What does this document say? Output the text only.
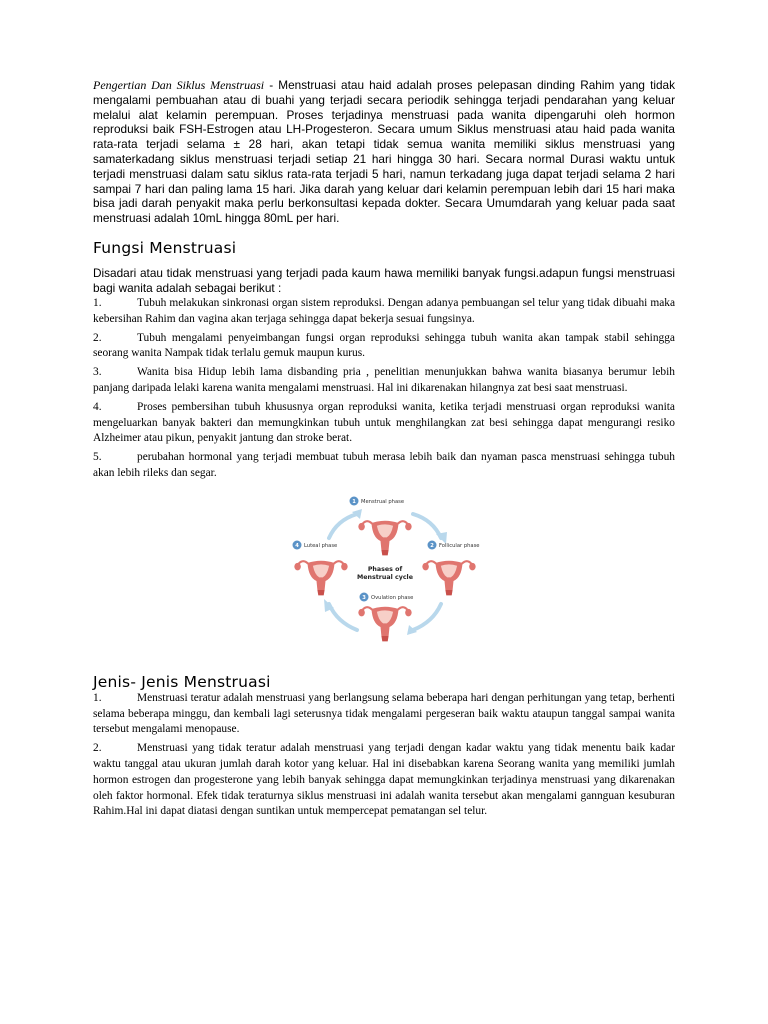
Pengertian Dan Siklus Menstruasi - Menstruasi atau haid adalah proses pelepasan dinding Rahim yang tidak mengalami pembuahan atau di buahi yang terjadi secara periodik sehingga terjadi pendarahan yang keluar melalui alat kelamin perempuan. Proses terjadinya menstruasi pada wanita dipengaruhi oleh hormon reproduksi baik FSH-Estrogen atau LH-Progesteron. Secara umum Siklus menstruasi atau haid pada wanita rata-rata terjadi selama ± 28 hari, akan tetapi tidak semua wanita memiliki siklus menstruasi yang samaterkadang siklus menstruasi terjadi setiap 21 hari hingga 30 hari. Secara normal Durasi waktu untuk terjadi menstruasi dalam satu siklus rata-rata terjadi 5 hari, namun terkadang juga dapat terjadi selama 2 hari sampai 7 hari dan paling lama 15 hari. Jika darah yang keluar dari kelamin perempuan lebih dari 15 hari maka bisa jadi darah penyakit maka perlu berkonsultasi kepada dokter. Secara Umumdarah yang keluar pada saat menstruasi adalah 10mL hingga 80mL per hari.

Fungsi Menstruasi

Disadari atau tidak menstruasi yang terjadi pada kaum hawa memiliki banyak fungsi.adapun fungsi menstruasi bagi wanita adalah sebagai berikut :

1.	Tubuh melakukan sinkronasi organ sistem reproduksi. Dengan adanya pembuangan sel telur yang tidak dibuahi maka kebersihan Rahim dan vagina akan terjaga sehingga dapat bekerja sesuai fungsinya.
2.	Tubuh mengalami penyeimbangan fungsi organ reproduksi sehingga tubuh wanita akan tampak stabil sehingga seorang wanita Nampak tidak terlalu gemuk maupun kurus.
3.	Wanita bisa Hidup lebih lama disbanding pria , penelitian menunjukkan bahwa wanita biasanya berumur lebih panjang daripada lelaki karena wanita mengalami menstruasi. Hal ini dikarenakan hilangnya zat besi saat menstruasi.
4.	Proses pembersihan tubuh khususnya organ reproduksi wanita, ketika terjadi menstruasi organ reproduksi wanita mengeluarkan banyak bakteri dan memungkinkan tubuh untuk menghilangkan zat besi sehingga dapat mengurangi resiko Alzheimer atau pikun, penyakit jantung dan stroke berat.
5.	perubahan hormonal yang terjadi membuat tubuh merasa lebih baik dan nyaman pasca menstruasi sehingga tubuh akan lebih rileks dan segar.
1
2
3
4
Menstrual phase
Follicular phase
Ovulation phase
Luteal phase
Phases of
Menstrual cycle
Jenis- Jenis Menstruasi
1.	Menstruasi teratur adalah menstruasi yang berlangsung selama beberapa hari dengan perhitungan yang tetap, berhenti selama beberapa minggu, dan kembali lagi seterusnya tidak mengalami pergeseran baik waktu ataupun tanggal sampai wanita tersebut mengalami menopause.
2.	Menstruasi yang tidak teratur adalah menstruasi yang terjadi dengan kadar waktu yang tidak menentu baik kadar waktu tanggal atau ukuran jumlah darah kotor yang keluar. Hal ini disebabkan karena Seorang wanita yang memiliki jumlah hormon estrogen dan progesterone yang lebih banyak sehingga dapat memungkinkan terjadinya menstruasi yang dikarenakan oleh faktor hormonal. Efek tidak teraturnya siklus menstruasi ini adalah wanita tersebut akan mengalami gannguan kesuburan Rahim.Hal ini dapat diatasi dengan suntikan untuk mempercepat pematangan sel telur.
